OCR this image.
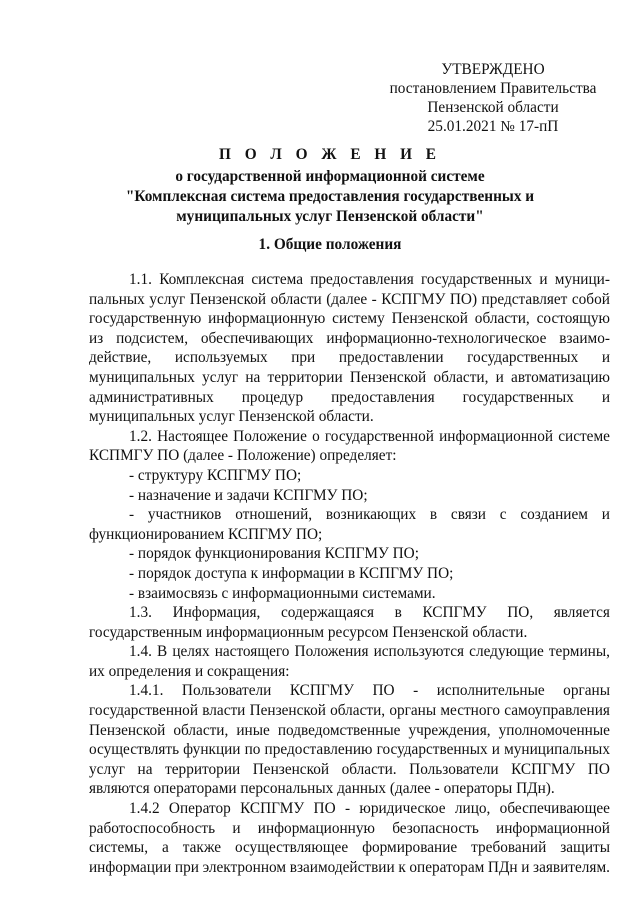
УТВЕРЖДЕНО
постановлением Правительства
Пензенской области
25.01.2021 № 17-пП
П О Л О Ж Е Н И Е
о государственной информационной системе
"Комплексная система предоставления государственных и
муниципальных услуг Пензенской области"
1. Общие положения
1.1. Комплексная система предоставления государственных и муници-
пальных услуг Пензенской области (далее - КСПГМУ ПО) представляет собой
государственную информационную систему Пензенской области, состоящую
из подсистем, обеспечивающих информационно-технологическое взаимо-
действие, используемых при предоставлении государственных и
муниципальных услуг на территории Пензенской области, и автоматизацию
административных процедур предоставления государственных и
муниципальных услуг Пензенской области.
1.2. Настоящее Положение о государственной информационной системе
КСПМГУ ПО (далее - Положение) определяет:
- структуру КСПГМУ ПО;
- назначение и задачи КСПГМУ ПО;
- участников отношений, возникающих в связи с созданием и
функционированием КСПГМУ ПО;
- порядок функционирования КСПГМУ ПО;
- порядок доступа к информации в КСПГМУ ПО;
- взаимосвязь с информационными системами.
1.3. Информация, содержащаяся в КСПГМУ ПО, является
государственным информационным ресурсом Пензенской области.
1.4. В целях настоящего Положения используются следующие термины,
их определения и сокращения:
1.4.1. Пользователи КСПГМУ ПО - исполнительные органы
государственной власти Пензенской области, органы местного самоуправления
Пензенской области, иные подведомственные учреждения, уполномоченные
осуществлять функции по предоставлению государственных и муниципальных
услуг на территории Пензенской области. Пользователи КСПГМУ ПО
являются операторами персональных данных (далее - операторы ПДн).
1.4.2 Оператор КСПГМУ ПО - юридическое лицо, обеспечивающее
работоспособность и информационную безопасность информационной
системы, а также осуществляющее формирование требований защиты
информации при электронном взаимодействии к операторам ПДн и заявителям.
